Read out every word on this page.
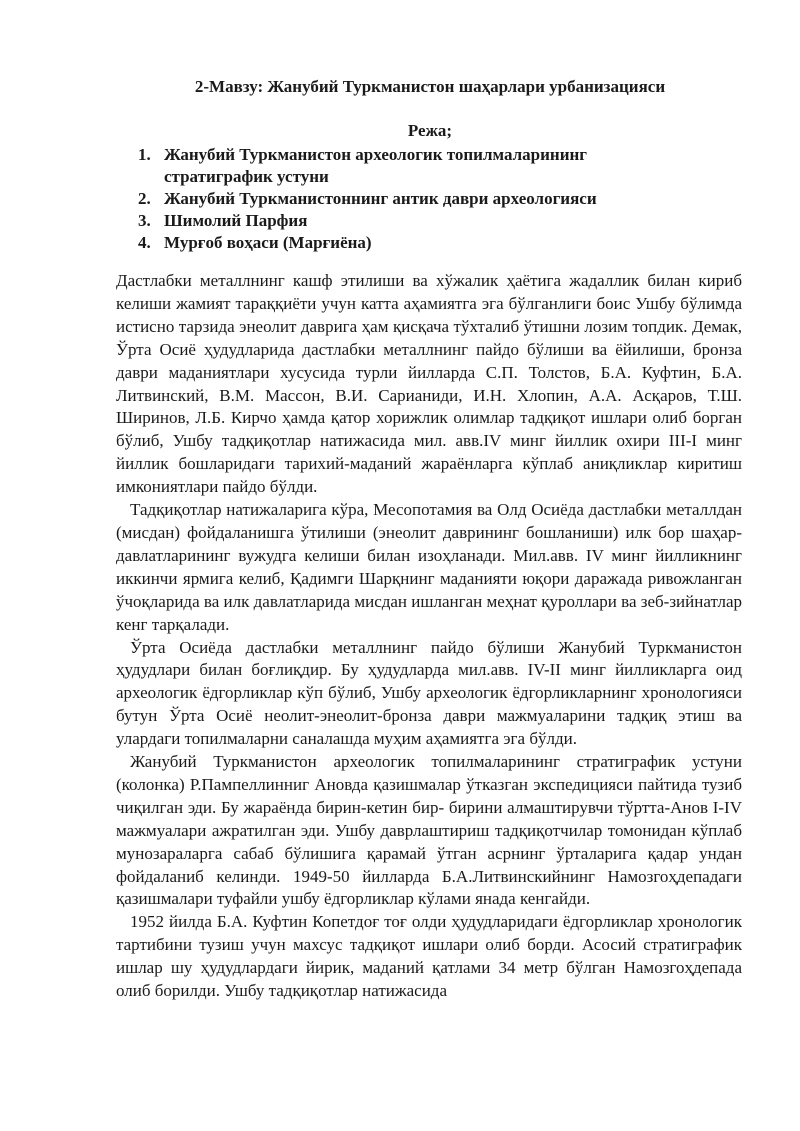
2-Мавзу: Жанубий Туркманистон шаҳарлари урбанизацияси
Режа;
1. Жанубий Туркманистон археологик топилмаларининг стратиграфик устуни
2. Жанубий Туркманистоннинг антик даври археологияси
3. Шимолий Парфия
4. Мурғоб воҳаси (Марғиёна)

Дастлабки металлнинг кашф этилиши ва хўжалик ҳаётига жадаллик билан кириб келиши жамият тараққиёти учун катта аҳамиятга эга бўлганлиги боис Ушбу бўлимда истисно тарзида энеолит даврига ҳам қисқача тўхталиб ўтишни лозим топдик. Демак, Ўрта Осиё ҳудудларида дастлабки металлнинг пайдо бўлиши ва ёйилиши, бронза даври маданиятлари хусусида турли йилларда С.П. Толстов, Б.А. Куфтин, Б.А. Литвинский, В.М. Массон, В.И. Сарианиди, И.Н. Хлопин, А.А. Асқаров, Т.Ш. Ширинов, Л.Б. Кирчо ҳамда қатор хорижлик олимлар тадқиқот ишлари олиб борган бўлиб, Ушбу тадқиқотлар натижасида мил. авв.IV минг йиллик охири III-I минг йиллик бошларидаги тарихий-маданий жараёнларга кўплаб аниқликлар киритиш имкониятлари пайдо бўлди.

Тадқиқотлар натижаларига кўра, Месопотамия ва Олд Осиёда дастлабки металлдан (мисдан) фойдаланишга ўтилиши (энеолит даврининг бошланиши) илк бор шаҳар-давлатларининг вужудга келиши билан изоҳланади. Мил.авв. IV минг йилликнинг иккинчи ярмига келиб, Қадимги Шарқнинг маданияти юқори даражада ривожланган ўчоқларида ва илк давлатларида мисдан ишланган меҳнат қуроллари ва зеб-зийнатлар кенг тарқалади.

Ўрта Осиёда дастлабки металлнинг пайдо бўлиши Жанубий Туркманистон ҳудудлари билан боғлиқдир. Бу ҳудудларда мил.авв. IV-II минг йилликларга оид археологик ёдгорликлар кўп бўлиб, Ушбу археологик ёдгорликларнинг хронологияси бутун Ўрта Осиё неолит-энеолит-бронза даври мажмуаларини тадқиқ этиш ва улардаги топилмаларни саналашда муҳим аҳамиятга эга бўлди.

Жанубий Туркманистон археологик топилмаларининг стратиграфик устуни (колонка) Р.Пампеллинниг Ановда қазишмалар ўтказган экспедицияси пайтида тузиб чиқилган эди. Бу жараёнда бирин-кетин бир- бирини алмаштирувчи тўртта-Анов I-IV мажмуалари ажратилган эди. Ушбу даврлаштириш тадқиқотчилар томонидан кўплаб мунозараларга сабаб бўлишига қарамай ўтган асрнинг ўрталарига қадар ундан фойдаланиб келинди. 1949-50 йилларда Б.А.Литвинскийнинг Намозгоҳдепадаги қазишмалари туфайли ушбу ёдгорликлар кўлами янада кенгайди.

1952 йилда Б.А. Куфтин Копетдоғ тоғ олди ҳудудларидаги ёдгорликлар хронологик тартибини тузиш учун махсус тадқиқот ишлари олиб борди. Асосий стратиграфик ишлар шу ҳудудлардаги йирик, маданий қатлами 34 метр бўлган Намозгоҳдепада олиб борилди. Ушбу тадқиқотлар натижасида
